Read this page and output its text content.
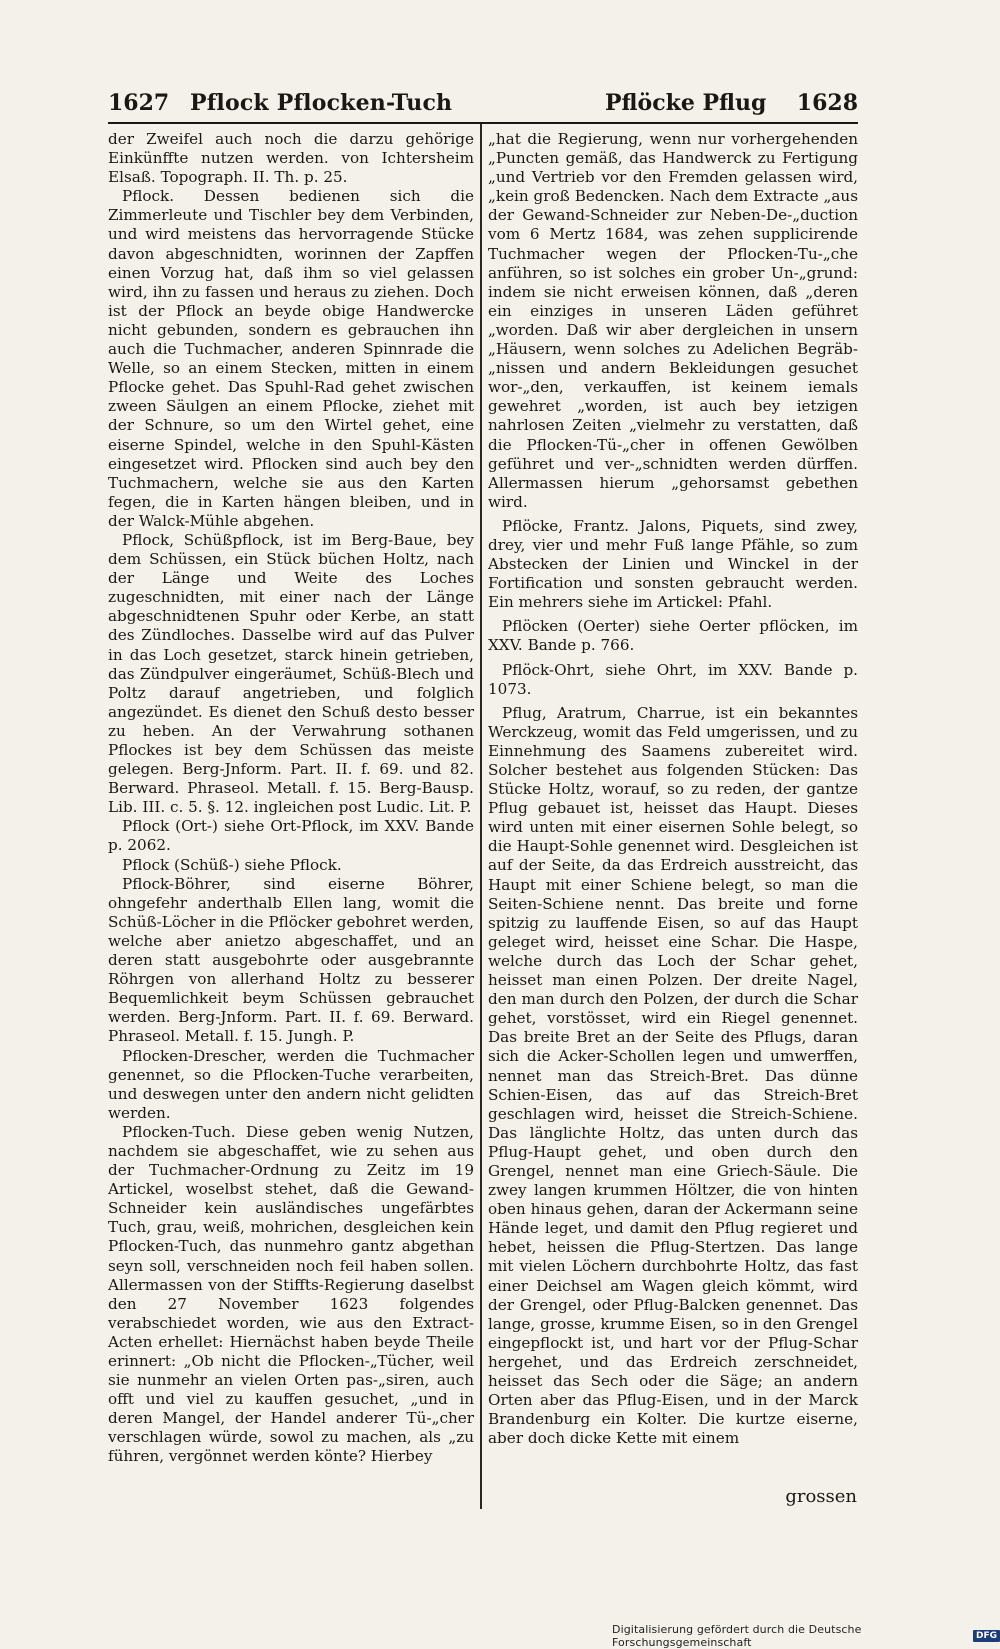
1627 Pflock Pflocken-Tuch	Pflöcke Pflug 1628

der Zweifel auch noch die darzu gehörige Einkünffte nutzen werden. von Ichtersheim Elsaß. Topograph. II. Th. p. 25.

Pflock. Dessen bedienen sich die Zimmerleute und Tischler bey dem Verbinden, und wird meistens das hervorragende Stücke davon abgeschnidten, worinnen der Zapffen einen Vorzug hat, daß ihm so viel gelassen wird, ihn zu fassen und heraus zu ziehen. Doch ist der Pflock an beyde obige Handwercke nicht gebunden, sondern es gebrauchen ihn auch die Tuchmacher, anderen Spinnrade die Welle, so an einem Stecken, mitten in einem Pflocke gehet. Das Spuhl-Rad gehet zwischen zween Säulgen an einem Pflocke, ziehet mit der Schnure, so um den Wirtel gehet, eine eiserne Spindel, welche in den Spuhl-Kästen eingesetzet wird. Pflocken sind auch bey den Tuchmachern, welche sie aus den Karten fegen, die in Karten hängen bleiben, und in der Walck-Mühle abgehen.

Pflock, Schüßpflock, ist im Berg-Baue, bey dem Schüssen, ein Stück büchen Holtz, nach der Länge und Weite des Loches zugeschnidten, mit einer nach der Länge abgeschnidtenen Spuhr oder Kerbe, an statt des Zündloches. Dasselbe wird auf das Pulver in das Loch gesetzet, starck hinein getrieben, das Zündpulver eingeräumet, Schüß-Blech und Poltz darauf angetrieben, und folglich angezündet. Es dienet den Schuß desto besser zu heben. An der Verwahrung sothanen Pflockes ist bey dem Schüssen das meiste gelegen. Berg-Jnform. Part. II. f. 69. und 82. Berward. Phraseol. Metall. f. 15. Berg-Bausp. Lib. III. c. 5. §. 12. ingleichen post Ludic. Lit. P.

Pflock (Ort-) siehe Ort-Pflock, im XXV. Bande p. 2062.

Pflock (Schüß-) siehe Pflock.

Pflock-Böhrer, sind eiserne Böhrer, ohngefehr anderthalb Ellen lang, womit die Schüß-Löcher in die Pflöcker gebohret werden, welche aber anietzo abgeschaffet, und an deren statt ausgebohrte oder ausgebrannte Röhrgen von allerhand Holtz zu besserer Bequemlichkeit beym Schüssen gebrauchet werden. Berg-Jnform. Part. II. f. 69. Berward. Phraseol. Metall. f. 15. Jungh. P.

Pflocken-Drescher, werden die Tuchmacher genennet, so die Pflocken-Tuche verarbeiten, und deswegen unter den andern nicht gelidten werden.

Pflocken-Tuch. Diese geben wenig Nutzen, nachdem sie abgeschaffet, wie zu sehen aus der Tuchmacher-Ordnung zu Zeitz im 19 Artickel, woselbst stehet, daß die Gewand-Schneider kein ausländisches ungefärbtes Tuch, grau, weiß, mohrichen, desgleichen kein Pflocken-Tuch, das nunmehro gantz abgethan seyn soll, verschneiden noch feil haben sollen. Allermassen von der Stiffts-Regierung daselbst den 27 November 1623 folgendes verabschiedet worden, wie aus den Extract-Acten erhellet: Hiernächst haben beyde Theile erinnert: „Ob nicht die Pflocken-„Tücher, weil sie nunmehr an vielen Orten pas-„siren, auch offt und viel zu kauffen gesuchet, „und in deren Mangel, der Handel anderer Tü-„cher verschlagen würde, sowol zu machen, als „zu führen, vergönnet werden könte? Hierbey

„hat die Regierung, wenn nur vorhergehenden „Puncten gemäß, das Handwerck zu Fertigung „und Vertrieb vor den Fremden gelassen wird, „kein groß Bedencken. Nach dem Extracte „aus der Gewand-Schneider zur Neben-De-„duction vom 6 Mertz 1684, was zehen supplicirende Tuchmacher wegen der Pflocken-Tu-„che anführen, so ist solches ein grober Un-„grund: indem sie nicht erweisen können, daß „deren ein einziges in unseren Läden geführet „worden. Daß wir aber dergleichen in unsern „Häusern, wenn solches zu Adelichen Begräb-„nissen und andern Bekleidungen gesuchet wor-„den, verkauffen, ist keinem iemals gewehret „worden, ist auch bey ietzigen nahrlosen Zeiten „vielmehr zu verstatten, daß die Pflocken-Tü-„cher in offenen Gewölben geführet und ver-„schnidten werden dürffen. Allermassen hierum „gehorsamst gebethen wird.

Pflöcke, Frantz. Jalons, Piquets, sind zwey, drey, vier und mehr Fuß lange Pfähle, so zum Abstecken der Linien und Winckel in der Fortification und sonsten gebraucht werden. Ein mehrers siehe im Artickel: Pfahl.

Pflöcken (Oerter) siehe Oerter pflöcken, im XXV. Bande p. 766.

Pflöck-Ohrt, siehe Ohrt, im XXV. Bande p. 1073.

Pflug, Aratrum, Charrue, ist ein bekanntes Werckzeug, womit das Feld umgerissen, und zu Einnehmung des Saamens zubereitet wird. Solcher bestehet aus folgenden Stücken: Das Stücke Holtz, worauf, so zu reden, der gantze Pflug gebauet ist, heisset das Haupt. Dieses wird unten mit einer eisernen Sohle belegt, so die Haupt-Sohle genennet wird. Desgleichen ist auf der Seite, da das Erdreich ausstreicht, das Haupt mit einer Schiene belegt, so man die Seiten-Schiene nennt. Das breite und forne spitzig zu lauffende Eisen, so auf das Haupt geleget wird, heisset eine Schar. Die Haspe, welche durch das Loch der Schar gehet, heisset man einen Polzen. Der dreite Nagel, den man durch den Polzen, der durch die Schar gehet, vorstösset, wird ein Riegel genennet. Das breite Bret an der Seite des Pflugs, daran sich die Acker-Schollen legen und umwerffen, nennet man das Streich-Bret. Das dünne Schien-Eisen, das auf das Streich-Bret geschlagen wird, heisset die Streich-Schiene. Das länglichte Holtz, das unten durch das Pflug-Haupt gehet, und oben durch den Grengel, nennet man eine Griech-Säule. Die zwey langen krummen Höltzer, die von hinten oben hinaus gehen, daran der Ackermann seine Hände leget, und damit den Pflug regieret und hebet, heissen die Pflug-Stertzen. Das lange mit vielen Löchern durchbohrte Holtz, das fast einer Deichsel am Wagen gleich kömmt, wird der Grengel, oder Pflug-Balcken genennet. Das lange, grosse, krumme Eisen, so in den Grengel eingepflockt ist, und hart vor der Pflug-Schar hergehet, und das Erdreich zerschneidet, heisset das Sech oder die Säge; an andern Orten aber das Pflug-Eisen, und in der Marck Brandenburg ein Kolter. Die kurtze eiserne, aber doch dicke Kette mit einem

grossen
Digitalisierung gefördert durch die Deutsche Forschungsgemeinschaft	DFG
